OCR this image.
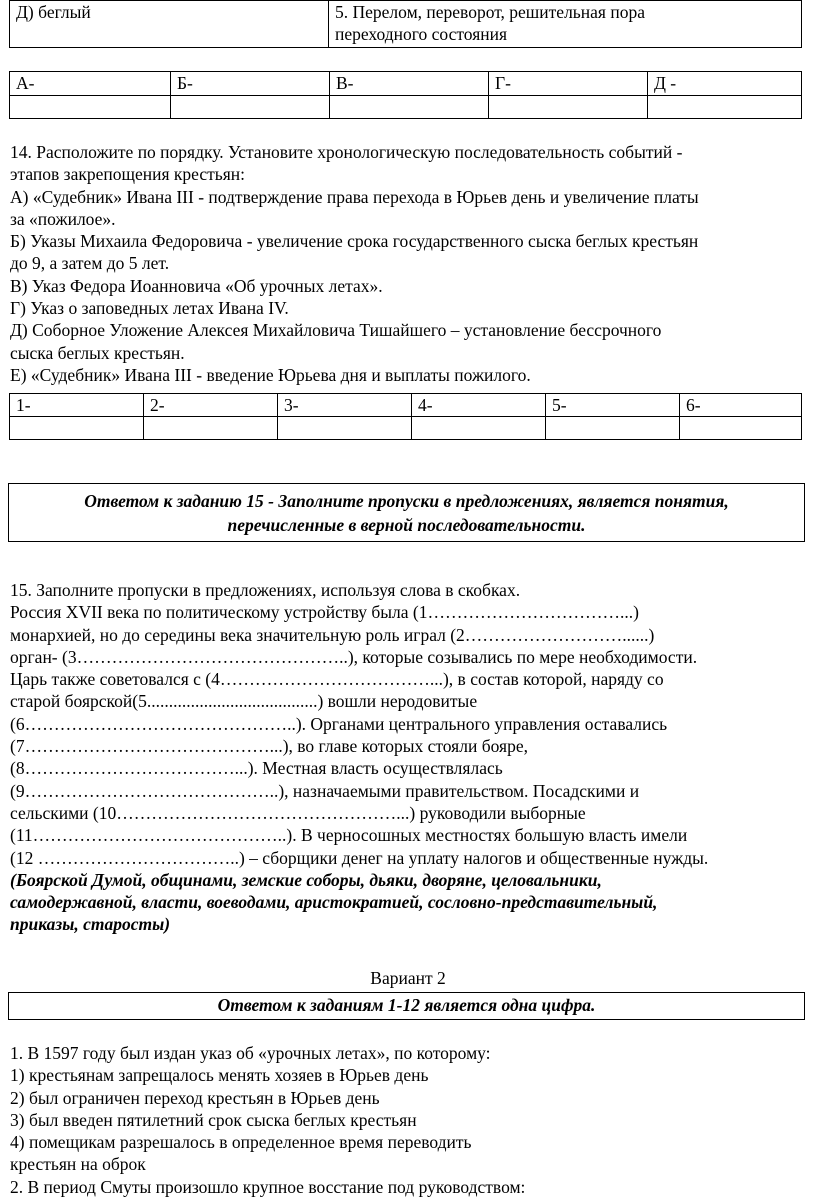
Д) беглый	5. Перелом, переворот, решительная пора
переходного состояния
А-	Б-	В-	Г-	Д -

14. Расположите по порядку. Установите хронологическую последовательность событий -
этапов закрепощения крестьян:
А) «Судебник» Ивана III - подтверждение права перехода в Юрьев день и увеличение платы
за «пожилое».
Б) Указы Михаила Федоровича - увеличение срока государственного сыска беглых крестьян
до 9, а затем до 5 лет.
В) Указ Федора Иоанновича «Об урочных летах».
Г) Указ о заповедных летах Ивана IV.
Д) Соборное Уложение Алексея Михайловича Тишайшего – установление бессрочного
сыска беглых крестьян.
Е) «Судебник» Ивана III - введение Юрьева дня и выплаты пожилого.
1-	2-	3-	4-	5-	6-

Ответом к заданию 15 - Заполните пропуски в предложениях, является понятия,
перечисленные в верной последовательности.
15. Заполните пропуски в предложениях, используя слова в скобках.
Россия XVII века по политическому устройству была (1……………………………...)
монархией, но до середины века значительную роль играл (2………………………......)
орган- (3………………………………………..), которые созывались по мере необходимости.
Царь также советовался с (4………………………………...), в состав которой, наряду со
старой боярской(5.......................................) вошли неродовитые
(6………………………………………..). Органами центрального управления оставались
(7……………………………………...), во главе которых стояли бояре,
(8………………………………...). Местная власть осуществлялась
(9……………………………………..), назначаемыми правительством. Посадскими и
сельскими (10…………………………………………...) руководили выборные
(11……………………………………..). В черносошных местностях большую власть имели
(12 ……………………………..) – сборщики денег на уплату налогов и общественные нужды.
(Боярской Думой, общинами, земские соборы, дьяки, дворяне, целовальники,
самодержавной, власти, воеводами, аристократией, сословно-представительный,
приказы, старосты)
Вариант 2
Ответом к заданиям 1-12 является одна цифра.
1. В 1597 году был издан указ об «урочных летах», по которому:
1) крестьянам запрещалось менять хозяев в Юрьев день
2) был ограничен переход крестьян в Юрьев день
3) был введен пятилетний срок сыска беглых крестьян
4) помещикам разрешалось в определенное время переводить
крестьян на оброк
2. В период Смуты произошло крупное восстание под руководством:
